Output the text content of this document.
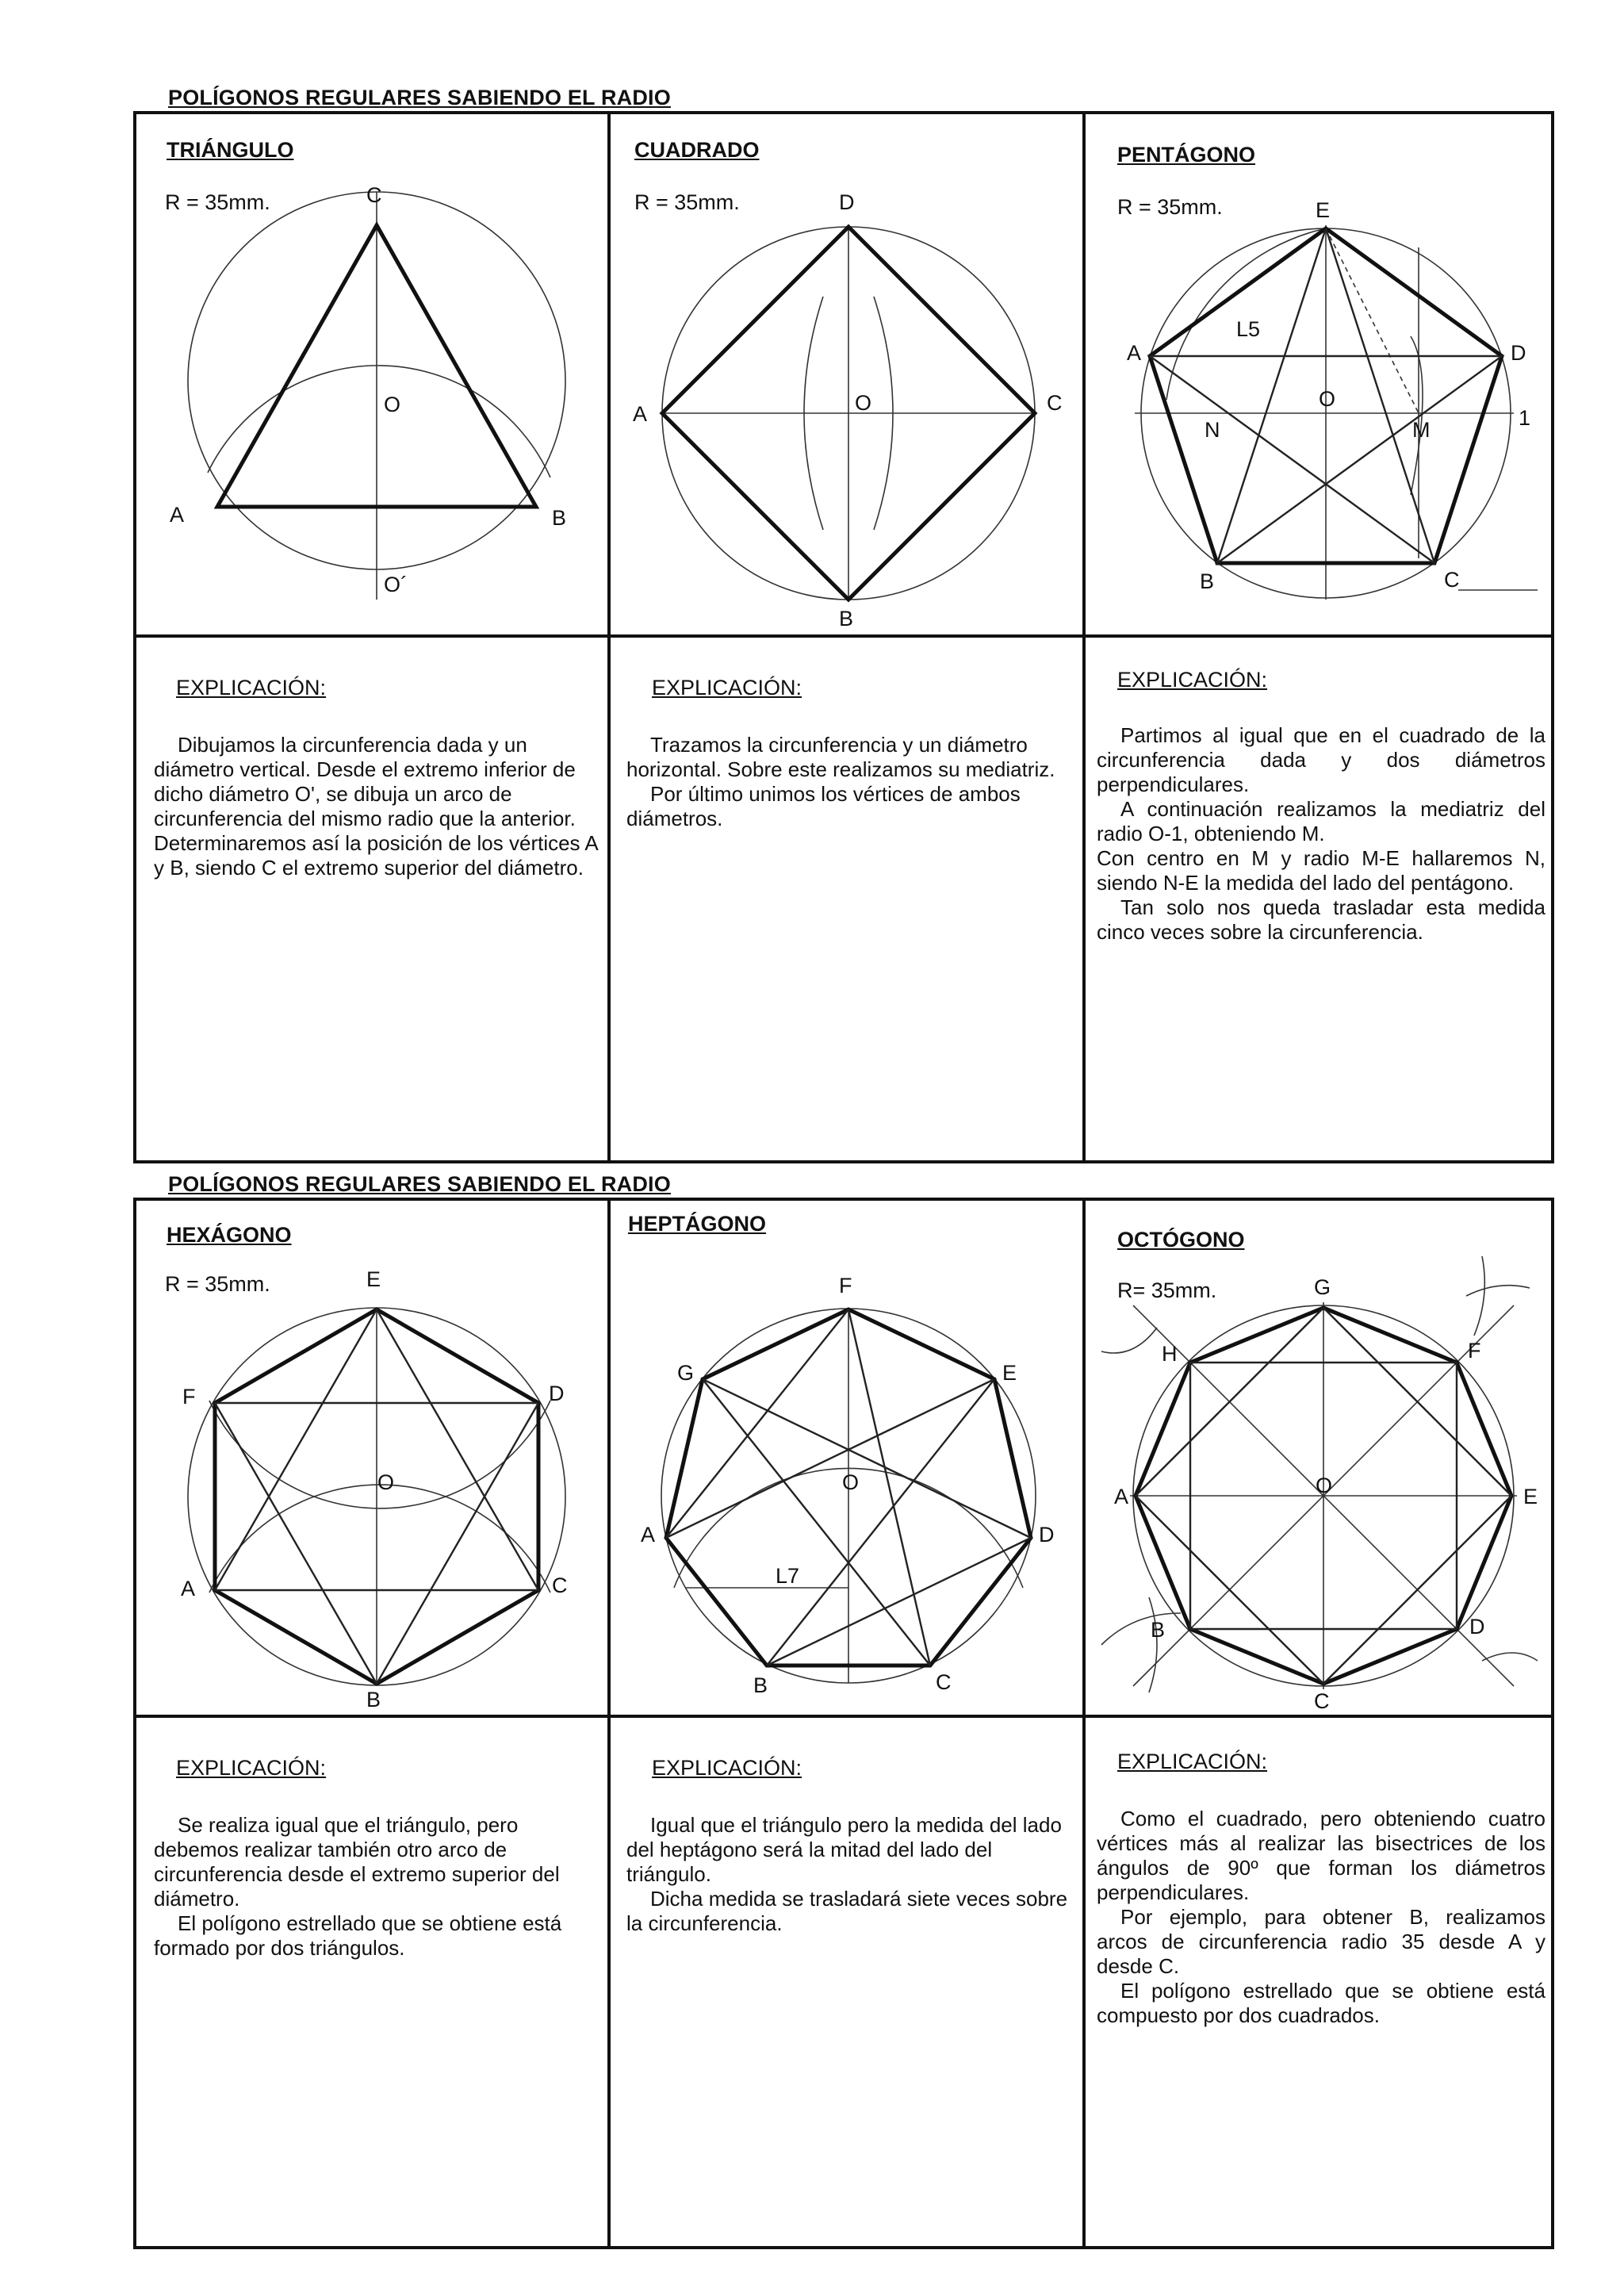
POLÍGONOS REGULARES SABIENDO EL RADIO
TRIÁNGULO
R = 35mm.	C
O
A	B
O´
CUADRADO
R = 35mm.	D
A	O	C
B
PENTÁGONO
R = 35mm.	E
L5
A	D
N
O
M	1
B	C
EXPLICACIÓN:

Dibujamos la circunferencia dada y un diámetro vertical. Desde el extremo inferior de dicho diámetro O', se dibuja un arco de circunferencia del mismo radio que la anterior. Determinaremos así la posición de los vértices A y B, siendo C el extremo superior del diámetro.

EXPLICACIÓN:

Trazamos la circunferencia y un diámetro horizontal. Sobre este realizamos su mediatriz.

Por último unimos los vértices de ambos diámetros.

EXPLICACIÓN:

Partimos al igual que en el cuadrado de la circunferencia dada y dos diámetros perpendiculares.

A continuación realizamos la mediatriz del radio O-1, obteniendo M.

Con centro en M y radio M-E hallaremos N, siendo N-E la medida del lado del pentágono.

Tan solo nos queda trasladar esta medida cinco veces sobre la circunferencia.

POLÍGONOS REGULARES SABIENDO EL RADIO
HEXÁGONO
R = 35mm.	E
F	D
O
A	C
B
HEPTÁGONO
F
G	E
O
A	D
L7
B	C
OCTÓGONO
R= 35mm.	G
H	F
A	O	E
B	D
C
EXPLICACIÓN:

Se realiza igual que el triángulo, pero debemos realizar también otro arco de circunferencia desde el extremo superior del diámetro.

El polígono estrellado que se obtiene está formado por dos triángulos.

EXPLICACIÓN:

Igual que el triángulo pero la medida del lado del heptágono será la mitad del lado del triángulo.

Dicha medida se trasladará siete veces sobre la circunferencia.

EXPLICACIÓN:

Como el cuadrado, pero obteniendo cuatro vértices más al realizar las bisectrices de los ángulos de 90º que forman los diámetros perpendiculares.

Por ejemplo, para obtener B, realizamos arcos de circunferencia radio 35 desde A y desde C.

El polígono estrellado que se obtiene está compuesto por dos cuadrados.
